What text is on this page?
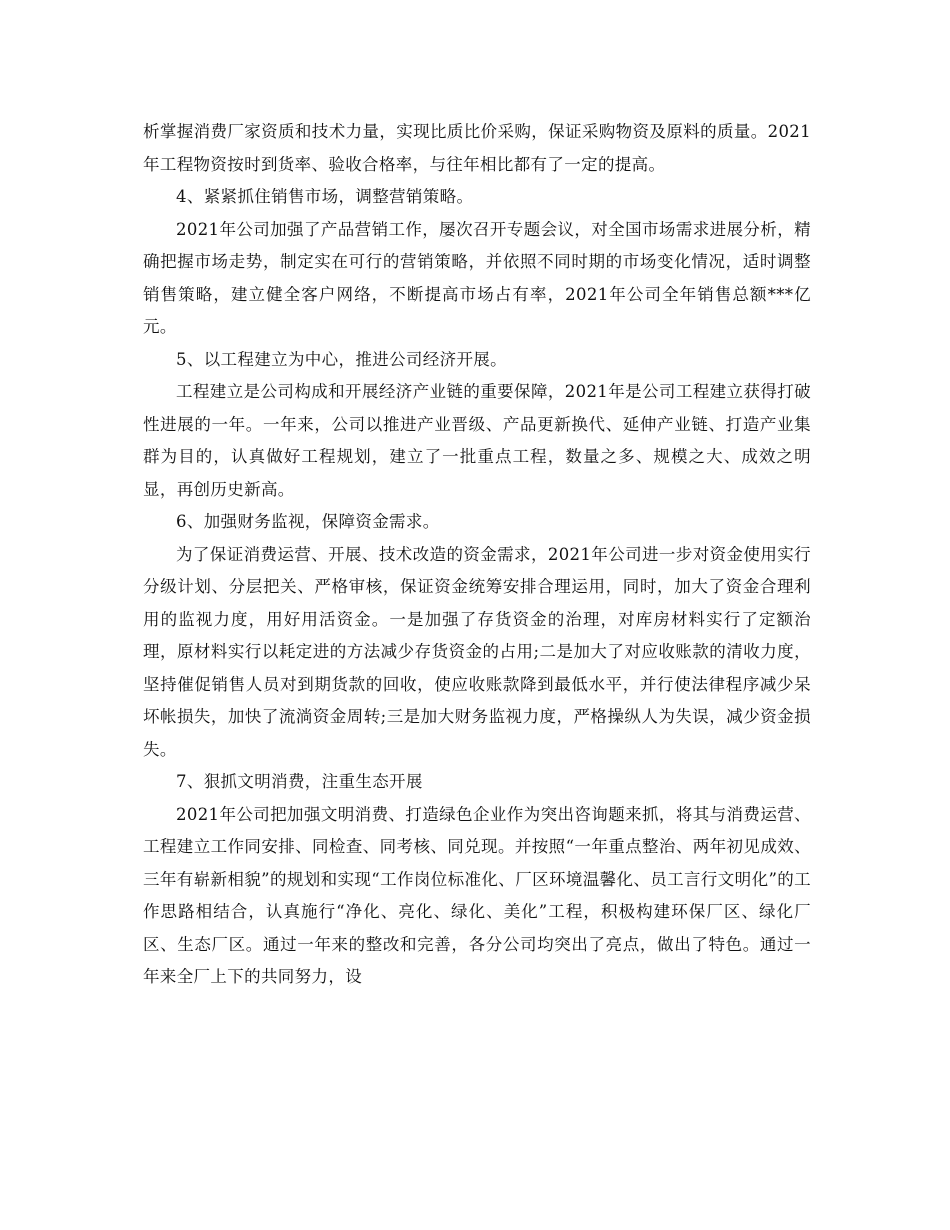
析掌握消费厂家资质和技术力量，实现比质比价采购，保证采购物资及原料的质量。2021年工程物资按时到货率、验收合格率，与往年相比都有了一定的提高。

4、紧紧抓住销售市场，调整营销策略。

2021年公司加强了产品营销工作，屡次召开专题会议，对全国市场需求进展分析，精确把握市场走势，制定实在可行的营销策略，并依照不同时期的市场变化情况，适时调整销售策略，建立健全客户网络，不断提高市场占有率，2021年公司全年销售总额***亿元。

5、以工程建立为中心，推进公司经济开展。

工程建立是公司构成和开展经济产业链的重要保障，2021年是公司工程建立获得打破性进展的一年。一年来，公司以推进产业晋级、产品更新换代、延伸产业链、打造产业集群为目的，认真做好工程规划，建立了一批重点工程，数量之多、规模之大、成效之明显，再创历史新高。

6、加强财务监视，保障资金需求。

为了保证消费运营、开展、技术改造的资金需求，2021年公司进一步对资金使用实行分级计划、分层把关、严格审核，保证资金统筹安排合理运用，同时，加大了资金合理利用的监视力度，用好用活资金。一是加强了存货资金的治理，对库房材料实行了定额治理，原材料实行以耗定进的方法减少存货资金的占用;二是加大了对应收账款的清收力度，坚持催促销售人员对到期货款的回收，使应收账款降到最低水平，并行使法律程序减少呆坏帐损失，加快了流淌资金周转;三是加大财务监视力度，严格操纵人为失误，减少资金损失。

7、狠抓文明消费，注重生态开展

2021年公司把加强文明消费、打造绿色企业作为突出咨询题来抓，将其与消费运营、工程建立工作同安排、同检查、同考核、同兑现。并按照“一年重点整治、两年初见成效、三年有崭新相貌”的规划和实现“工作岗位标准化、厂区环境温馨化、员工言行文明化”的工作思路相结合，认真施行“净化、亮化、绿化、美化”工程，积极构建环保厂区、绿化厂区、生态厂区。通过一年来的整改和完善，各分公司均突出了亮点，做出了特色。通过一年来全厂上下的共同努力，设
